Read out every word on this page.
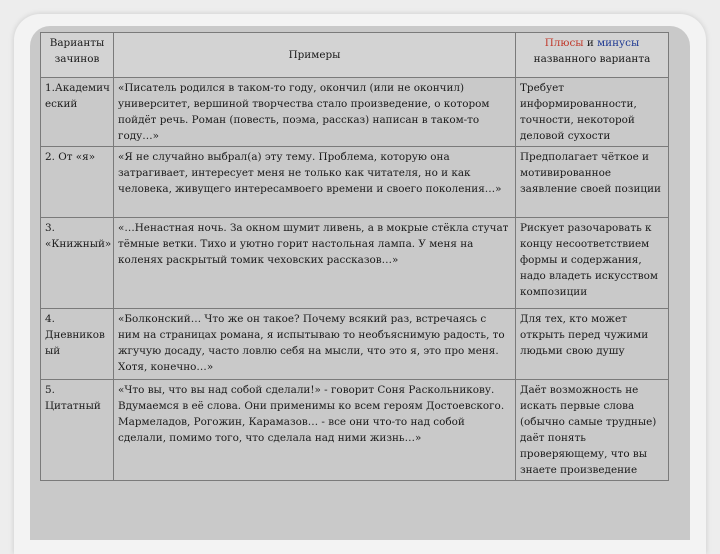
Варианты зачинов	Примеры	Плюсы и минусы
названного варианта
1.Академический	«Писатель родился в таком-то году, окончил (или не окончил) университет, вершиной творчества стало произведение, о котором пойдёт речь. Роман (повесть, поэма, рассказ) написан в таком-то году…»	Требует информированности, точности, некоторой деловой сухости
2. От «я»	«Я не случайно выбрал(а) эту тему. Проблема, которую она затрагивает, интересует меня не только как читателя, но и как человека, живущего интересамвоего времени и своего поколения…»	Предполагает чёткое и мотивированное заявление своей позиции
3. «Книжный»	«…Ненастная ночь. За окном шумит ливень, а в мокрые стёкла стучат тёмные ветки. Тихо и уютно горит настольная лампа. У меня на коленях раскрытый томик чеховских рассказов…»	Рискует разочаровать к концу несоответствием формы и содержания, надо владеть искусством композиции
4. Дневниковый	«Болконский… Что же он такое? Почему всякий раз, встречаясь с ним на страницах романа, я испытываю то необъяснимую радость, то жгучую досаду, часто ловлю себя на мысли, что это я, это про меня. Хотя, конечно…»	Для тех, кто может открыть перед чужими людьми свою душу
5. Цитатный	«Что вы, что вы над собой сделали!» - говорит Соня Раскольникову. Вдумаемся в её слова. Они применимы ко всем героям Достоевского. Мармеладов, Рогожин, Карамазов… - все они что-то над собой сделали, помимо того, что сделала над ними жизнь…»	Даёт возможность не искать первые слова (обычно самые трудные) даёт понять проверяющему, что вы знаете произведение
